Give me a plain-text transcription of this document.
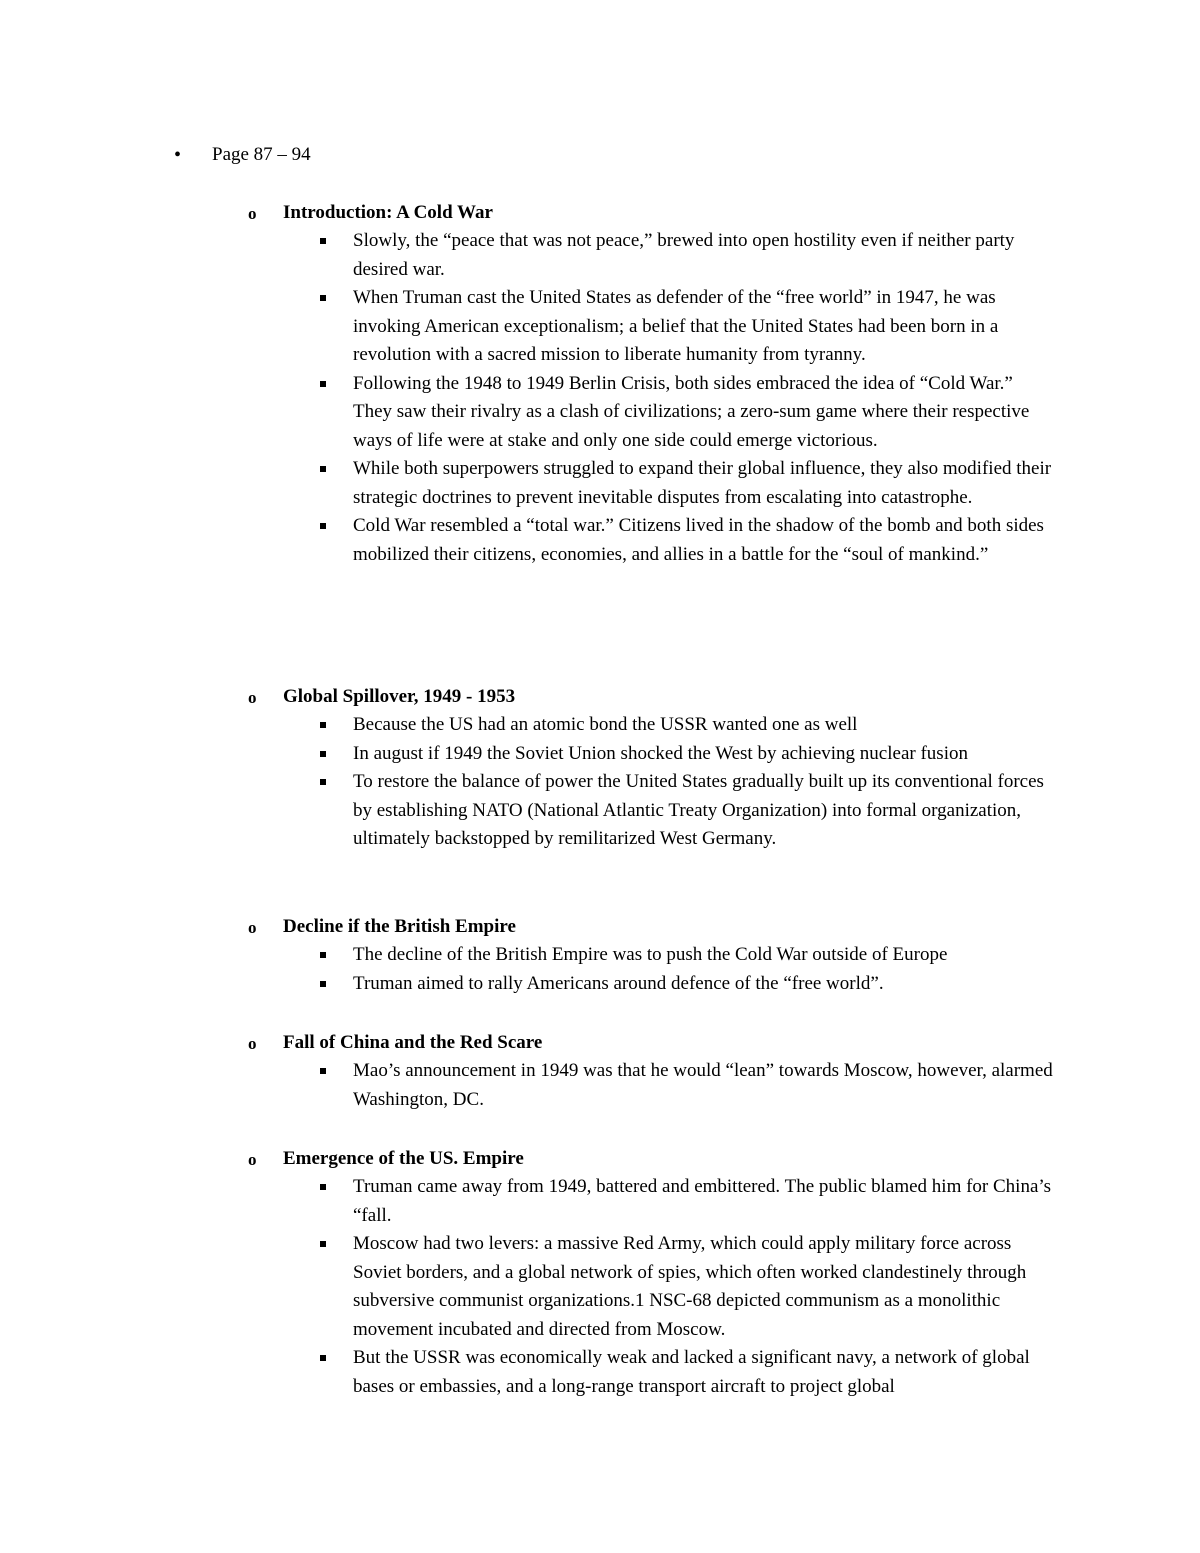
• Page 87 – 94
o Introduction: A Cold War
Slowly, the “peace that was not peace,” brewed into open hostility even if neither party desired war.
When Truman cast the United States as defender of the “free world” in 1947, he was invoking American exceptionalism; a belief that the United States had been born in a revolution with a sacred mission to liberate humanity from tyranny.
Following the 1948 to 1949 Berlin Crisis, both sides embraced the idea of “Cold War.” They saw their rivalry as a clash of civilizations; a zero-sum game where their respective ways of life were at stake and only one side could emerge victorious.
While both superpowers struggled to expand their global influence, they also modified their strategic doctrines to prevent inevitable disputes from escalating into catastrophe.
Cold War resembled a “total war.” Citizens lived in the shadow of the bomb and both sides mobilized their citizens, economies, and allies in a battle for the “soul of mankind.”
o Global Spillover, 1949 - 1953
Because the US had an atomic bond the USSR wanted one as well
In august if 1949 the Soviet Union shocked the West by achieving nuclear fusion
To restore the balance of power the United States gradually built up its conventional forces by establishing NATO (National Atlantic Treaty Organization) into formal organization, ultimately backstopped by remilitarized West Germany.
o Decline if the British Empire
The decline of the British Empire was to push the Cold War outside of Europe
Truman aimed to rally Americans around defence of the “free world”.
o Fall of China and the Red Scare
Mao’s announcement in 1949 was that he would “lean” towards Moscow, however, alarmed Washington, DC.
o Emergence of the US. Empire
Truman came away from 1949, battered and embittered. The public blamed him for China’s “fall.
Moscow had two levers: a massive Red Army, which could apply military force across Soviet borders, and a global network of spies, which often worked clandestinely through subversive communist organizations.1 NSC-68 depicted communism as a monolithic movement incubated and directed from Moscow.
But the USSR was economically weak and lacked a significant navy, a network of global bases or embassies, and a long-range transport aircraft to project global
